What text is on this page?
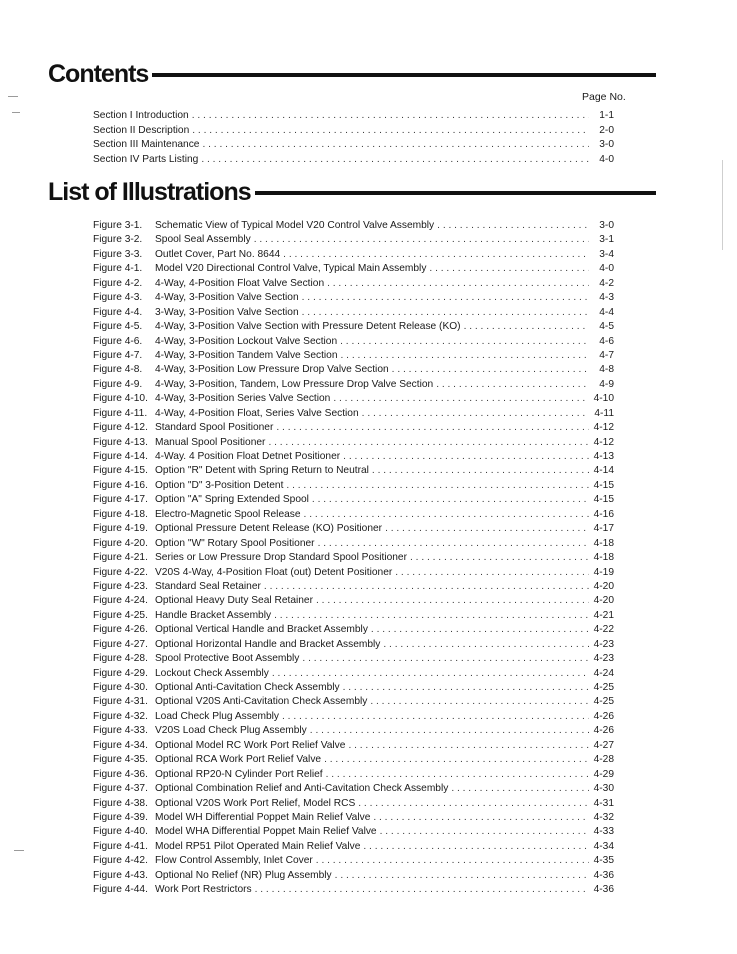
Contents
Page No.
Section I Introduction . . .	1-1
Section II Description . . .	2-0
Section III Maintenance . . .	3-0
Section IV Parts Listing . . .	4-0
List of Illustrations
Figure 3-1.	Schematic View of Typical Model V20 Control Valve Assembly . . .	3-0
Figure 3-2.	Spool Seal Assembly . . .	3-1
Figure 3-3.	Outlet Cover, Part No. 8644 . . .	3-4
Figure 4-1.	Model V20 Directional Control Valve, Typical Main Assembly . . .	4-0
Figure 4-2.	4-Way, 4-Position Float Valve Section . . .	4-2
Figure 4-3.	4-Way, 3-Position Valve Section . . .	4-3
Figure 4-4.	3-Way, 3-Position Valve Section . . .	4-4
Figure 4-5.	4-Way, 3-Position Valve Section with Pressure Detent Release (KO) . . .	4-5
Figure 4-6.	4-Way, 3-Position Lockout Valve Section . . .	4-6
Figure 4-7.	4-Way, 3-Position Tandem Valve Section . . .	4-7
Figure 4-8.	4-Way, 3-Position Low Pressure Drop Valve Section . . .	4-8
Figure 4-9.	4-Way, 3-Position, Tandem, Low Pressure Drop Valve Section . . .	4-9
Figure 4-10. 4-Way, 3-Position Series Valve Section . . .	4-10
Figure 4-11. 4-Way, 4-Position Float, Series Valve Section . . .	4-11
Figure 4-12. Standard Spool Positioner . . .	4-12
Figure 4-13. Manual Spool Positioner . . .	4-12
Figure 4-14. 4-Way. 4 Position Float Detnet Positioner . . .	4-13
Figure 4-15. Option "R" Detent with Spring Return to Neutral . . .	4-14
Figure 4-16. Option "D" 3-Position Detent . . .	4-15
Figure 4-17. Option "A" Spring Extended Spool . . .	4-15
Figure 4-18. Electro-Magnetic Spool Release . . .	4-16
Figure 4-19. Optional Pressure Detent Release (KO) Positioner . . .	4-17
Figure 4-20. Option "W" Rotary Spool Positioner . . .	4-18
Figure 4-21. Series or Low Pressure Drop Standard Spool Positioner . . .	4-18
Figure 4-22. V20S 4-Way, 4-Position Float (out) Detent Positioner . . .	4-19
Figure 4-23. Standard Seal Retainer . . .	4-20
Figure 4-24. Optional Heavy Duty Seal Retainer . . .	4-20
Figure 4-25. Handle Bracket Assembly . . .	4-21
Figure 4-26. Optional Vertical Handle and Bracket Assembly . . .	4-22
Figure 4-27. Optional Horizontal Handle and Bracket Assembly . . .	4-23
Figure 4-28. Spool Protective Boot Assembly . . .	4-23
Figure 4-29. Lockout Check Assembly . . .	4-24
Figure 4-30. Optional Anti-Cavitation Check Assembly . . .	4-25
Figure 4-31. Optional V20S Anti-Cavitation Check Assembly . . .	4-25
Figure 4-32. Load Check Plug Assembly . . .	4-26
Figure 4-33. V20S Load Check Plug Assembly . . .	4-26
Figure 4-34. Optional Model RC Work Port Relief Valve . . .	4-27
Figure 4-35. Optional RCA Work Port Relief Valve . . .	4-28
Figure 4-36. Optional RP20-N Cylinder Port Relief . . .	4-29
Figure 4-37. Optional Combination Relief and Anti-Cavitation Check Assembly . . .	4-30
Figure 4-38. Optional V20S Work Port Relief, Model RCS . . .	4-31
Figure 4-39. Model WH Differential Poppet Main Relief Valve . . .	4-32
Figure 4-40. Model WHA Differential Poppet Main Relief Valve . . .	4-33
Figure 4-41. Model RP51 Pilot Operated Main Relief Valve . . .	4-34
Figure 4-42. Flow Control Assembly, Inlet Cover . . .	4-35
Figure 4-43. Optional No Relief (NR) Plug Assembly . . .	4-36
Figure 4-44. Work Port Restrictors . . .	4-36
